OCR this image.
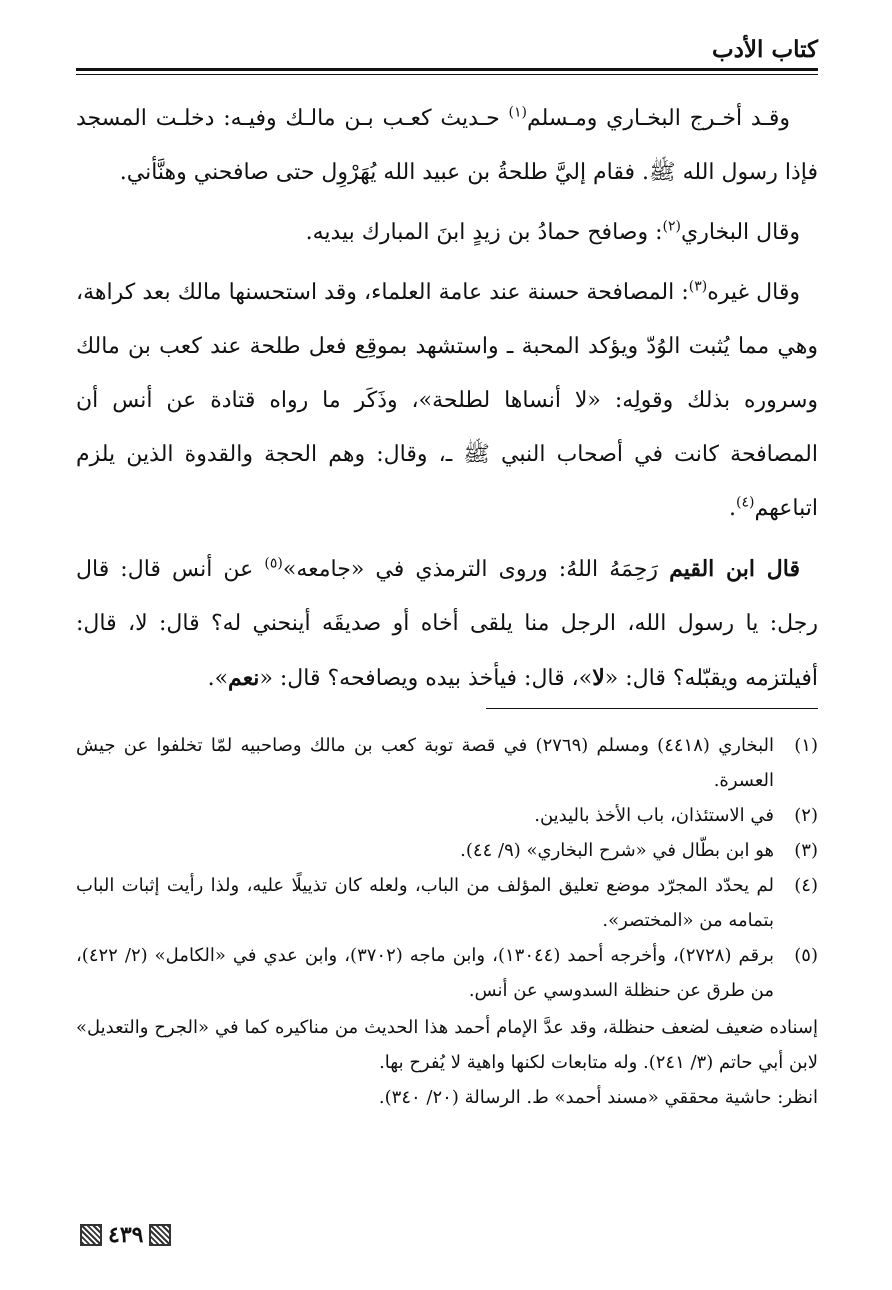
كتاب الأدب

وقـد أخـرج البخـاري ومـسلم$^{(١)}$ حـديث كعـب بـن مالـك وفيـه: دخلـت المسجد فإذا رسول الله ﷺ. فقام إليَّ طلحةُ بن عبيد الله يُهَرْوِل حتى صافحني وهنَّأني.

وقال البخاري$^{(٢)}$: وصافح حمادُ بن زيدٍ ابنَ المبارك بيديه.

وقال غيره$^{(٣)}$: المصافحة حسنة عند عامة العلماء، وقد استحسنها مالك بعد كراهة، وهي مما يُثبت الوُدّ ويؤكد المحبة ـ واستشهد بموقِع فعل طلحة عند كعب بن مالك وسروره بذلك وقولِه: «لا أنساها لطلحة»، وذَكَر ما رواه قتادة عن أنس أن المصافحة كانت في أصحاب النبي ﷺ ـ، وقال: وهم الحجة والقدوة الذين يلزم اتباعهم$^{(٤)}$.

قال ابن القيم رَحِمَهُ اللهُ: وروى الترمذي في «جامعه»$^{(٥)}$ عن أنس قال: قال رجل: يا رسول الله، الرجل منا يلقى أخاه أو صديقَه أينحني له؟ قال: لا، قال: أفيلتزمه ويقبّله؟ قال: «لا»، قال: فيأخذ بيده ويصافحه؟ قال: «نعم».

(١)
البخاري (٤٤١٨) ومسلم (٢٧٦٩) في قصة توبة كعب بن مالك وصاحبيه لمّا تخلفوا عن جيش العسرة.
(٢)
في الاستئذان، باب الأخذ باليدين.
(٣)
هو ابن بطّال في «شرح البخاري» (٩/ ٤٤).
(٤)
لم يحدّد المجرّد موضع تعليق المؤلف من الباب، ولعله كان تذييلًا عليه، ولذا رأيت إثبات الباب بتمامه من «المختصر».
(٥)
برقم (٢٧٢٨)، وأخرجه أحمد (١٣٠٤٤)، وابن ماجه (٣٧٠٢)، وابن عدي في «الكامل» (٢/ ٤٢٢)، من طرق عن حنظلة السدوسي عن أنس.

إسناده ضعيف لضعف حنظلة، وقد عدَّ الإمام أحمد هذا الحديث من مناكيره كما في «الجرح والتعديل» لابن أبي حاتم (٣/ ٢٤١). وله متابعات لكنها واهية لا يُفرح بها.

انظر: حاشية محققي «مسند أحمد» ط. الرسالة (٢٠/ ٣٤٠).

٤٣٩
